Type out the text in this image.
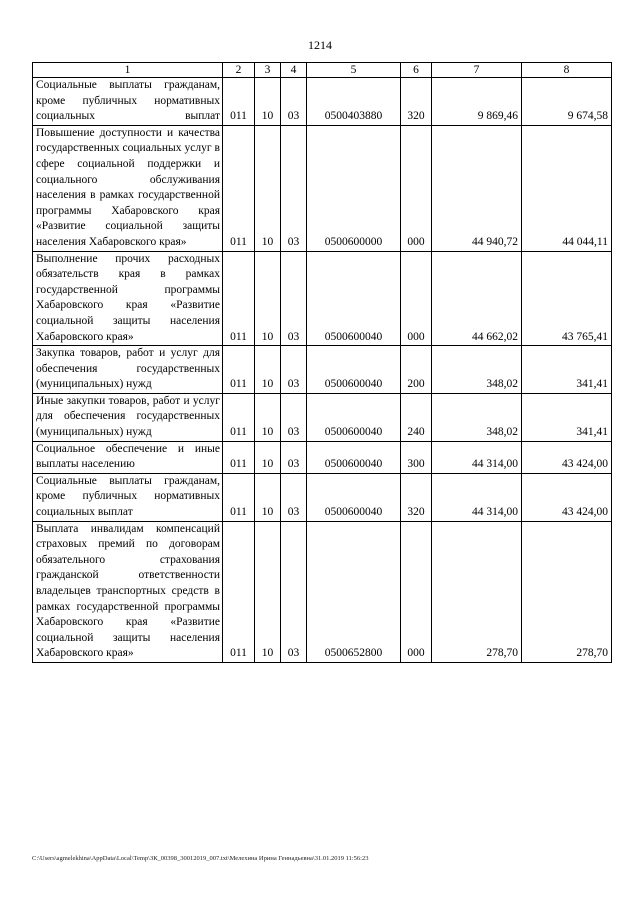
1214
1	2	3	4	5	6	7	8
Социальные выплаты гражданам, кроме публичных нормативных социальных выплат	011	10	03	0500403880	320	9 869,46	9 674,58
Повышение доступности и качества государственных социальных услуг в сфере социальной поддержки и социального обслуживания населения в рамках государственной программы Хабаровского края «Развитие социальной защиты населения Хабаровского края»	011	10	03	0500600000	000	44 940,72	44 044,11
Выполнение прочих расходных обязательств края в рамках государственной программы Хабаровского края «Развитие социальной защиты населения Хабаровского края»	011	10	03	0500600040	000	44 662,02	43 765,41
Закупка товаров, работ и услуг для обеспечения государственных (муниципальных) нужд	011	10	03	0500600040	200	348,02	341,41
Иные закупки товаров, работ и услуг для обеспечения государственных (муниципальных) нужд	011	10	03	0500600040	240	348,02	341,41
Социальное обеспечение и иные выплаты населению	011	10	03	0500600040	300	44 314,00	43 424,00
Социальные выплаты гражданам, кроме публичных нормативных социальных выплат	011	10	03	0500600040	320	44 314,00	43 424,00
Выплата инвалидам компенсаций страховых премий по договорам обязательного страхования гражданской ответственности владельцев транспортных средств в рамках государственной программы Хабаровского края «Развитие социальной защиты населения Хабаровского края»	011	10	03	0500652800	000	278,70	278,70
C:\Users\agmelekhina\AppData\Local\Temp\ЗК_00398_30012019_007.txt\Мелехина Ирина Геннадьевна\31.01.2019 11:56:23
